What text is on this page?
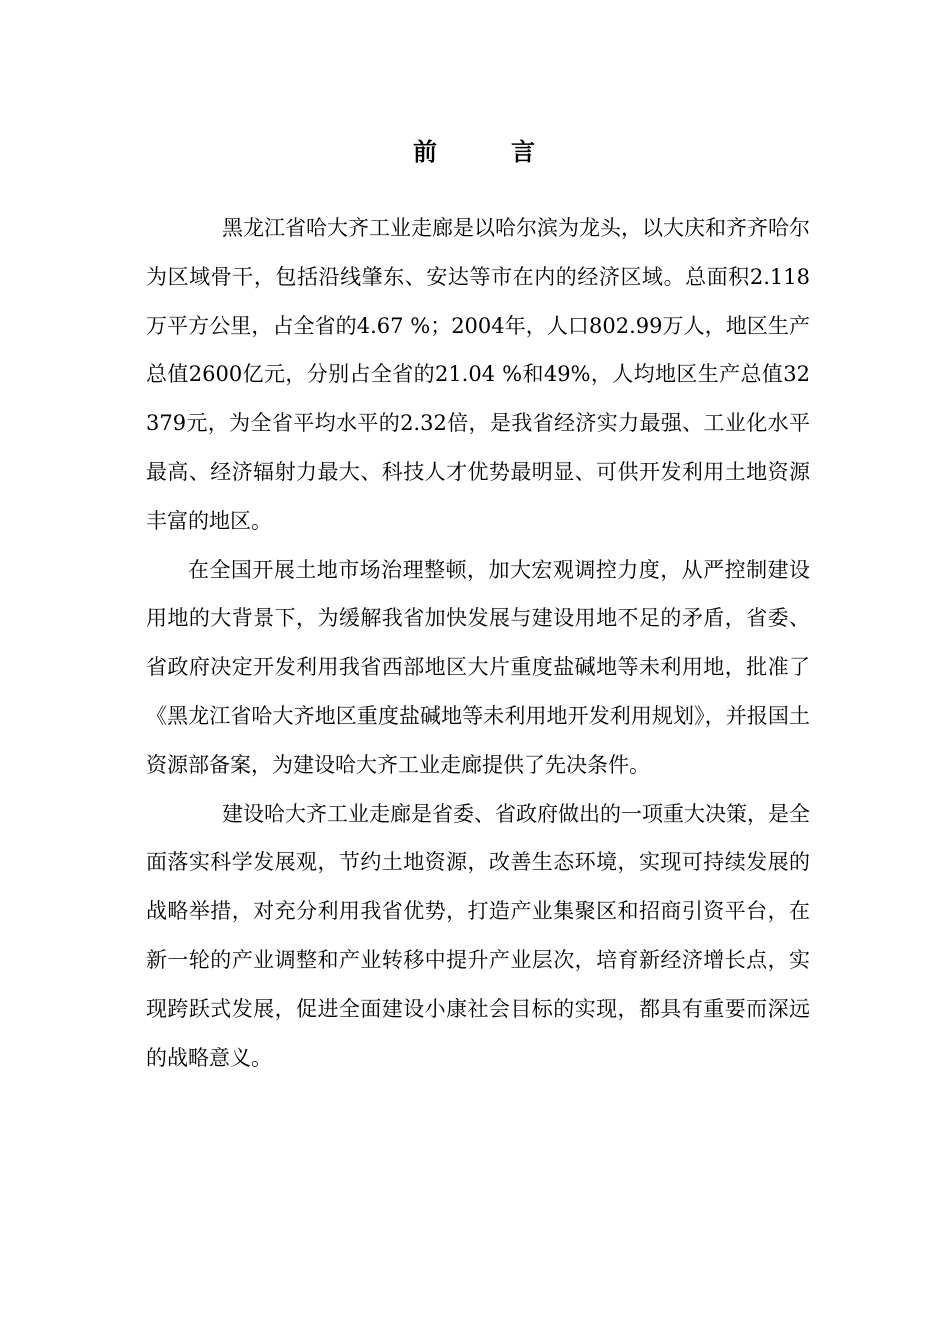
前	言

黑龙江省哈大齐工业走廊是以哈尔滨为龙头，以大庆和齐齐哈尔为区域骨干，包括沿线肇东、安达等市在内的经济区域。总面积2.118万平方公里，占全省的4.67 %；2004年，人口802.99万人，地区生产总值2600亿元，分别占全省的21.04 %和49%，人均地区生产总值32379元，为全省平均水平的2.32倍，是我省经济实力最强、工业化水平最高、经济辐射力最大、科技人才优势最明显、可供开发利用土地资源丰富的地区。

在全国开展土地市场治理整顿，加大宏观调控力度，从严控制建设用地的大背景下，为缓解我省加快发展与建设用地不足的矛盾，省委、省政府决定开发利用我省西部地区大片重度盐碱地等未利用地，批准了《黑龙江省哈大齐地区重度盐碱地等未利用地开发利用规划》，并报国土资源部备案，为建设哈大齐工业走廊提供了先决条件。

建设哈大齐工业走廊是省委、省政府做出的一项重大决策，是全面落实科学发展观，节约土地资源，改善生态环境，实现可持续发展的战略举措，对充分利用我省优势，打造产业集聚区和招商引资平台，在新一轮的产业调整和产业转移中提升产业层次，培育新经济增长点，实现跨跃式发展，促进全面建设小康社会目标的实现，都具有重要而深远的战略意义。
